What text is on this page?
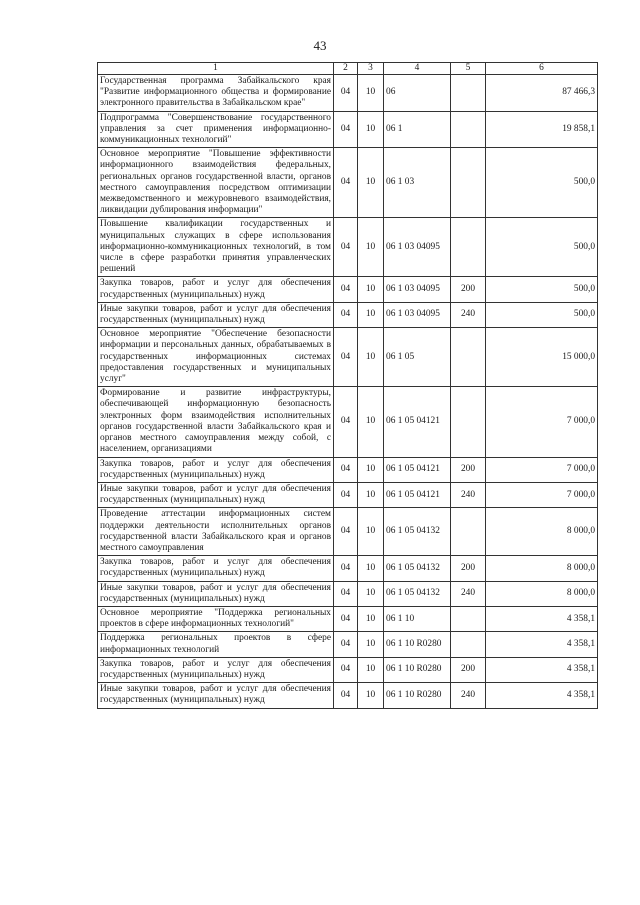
43
1	2	3	4	5	6
Государственная программа Забайкальского края "Развитие информационного общества и формирование электронного правительства в Забайкальском крае"	04	10	06		87 466,3
Подпрограмма "Совершенствование государственного управления за счет применения информационно-коммуникационных технологий"	04	10	06 1		19 858,1
Основное мероприятие "Повышение эффективности информационного взаимодействия федеральных, региональных органов государственной власти, органов местного самоуправления посредством оптимизации межведомственного и межуровневого взаимодействия, ликвидации дублирования информации"	04	10	06 1 03		500,0
Повышение квалификации государственных и муниципальных служащих в сфере использования информационно-коммуникационных технологий, в том числе в сфере разработки принятия управленческих решений	04	10	06 1 03 04095		500,0
Закупка товаров, работ и услуг для обеспечения государственных (муниципальных) нужд	04	10	06 1 03 04095	200	500,0
Иные закупки товаров, работ и услуг для обеспечения государственных (муниципальных) нужд	04	10	06 1 03 04095	240	500,0
Основное мероприятие "Обеспечение безопасности информации и персональных данных, обрабатываемых в государственных информационных системах предоставления государственных и муниципальных услуг"	04	10	06 1 05		15 000,0
Формирование и развитие инфраструктуры, обеспечивающей информационную безопасность электронных форм взаимодействия исполнительных органов государственной власти Забайкальского края и органов местного самоуправления между собой, с населением, организациями	04	10	06 1 05 04121		7 000,0
Закупка товаров, работ и услуг для обеспечения государственных (муниципальных) нужд	04	10	06 1 05 04121	200	7 000,0
Иные закупки товаров, работ и услуг для обеспечения государственных (муниципальных) нужд	04	10	06 1 05 04121	240	7 000,0
Проведение аттестации информационных систем поддержки деятельности исполнительных органов государственной власти Забайкальского края и органов местного самоуправления	04	10	06 1 05 04132		8 000,0
Закупка товаров, работ и услуг для обеспечения государственных (муниципальных) нужд	04	10	06 1 05 04132	200	8 000,0
Иные закупки товаров, работ и услуг для обеспечения государственных (муниципальных) нужд	04	10	06 1 05 04132	240	8 000,0
Основное мероприятие "Поддержка региональных проектов в сфере информационных технологий"	04	10	06 1 10		4 358,1
Поддержка региональных проектов в сфере информационных технологий	04	10	06 1 10 R0280		4 358,1
Закупка товаров, работ и услуг для обеспечения государственных (муниципальных) нужд	04	10	06 1 10 R0280	200	4 358,1
Иные закупки товаров, работ и услуг для обеспечения государственных (муниципальных) нужд	04	10	06 1 10 R0280	240	4 358,1
